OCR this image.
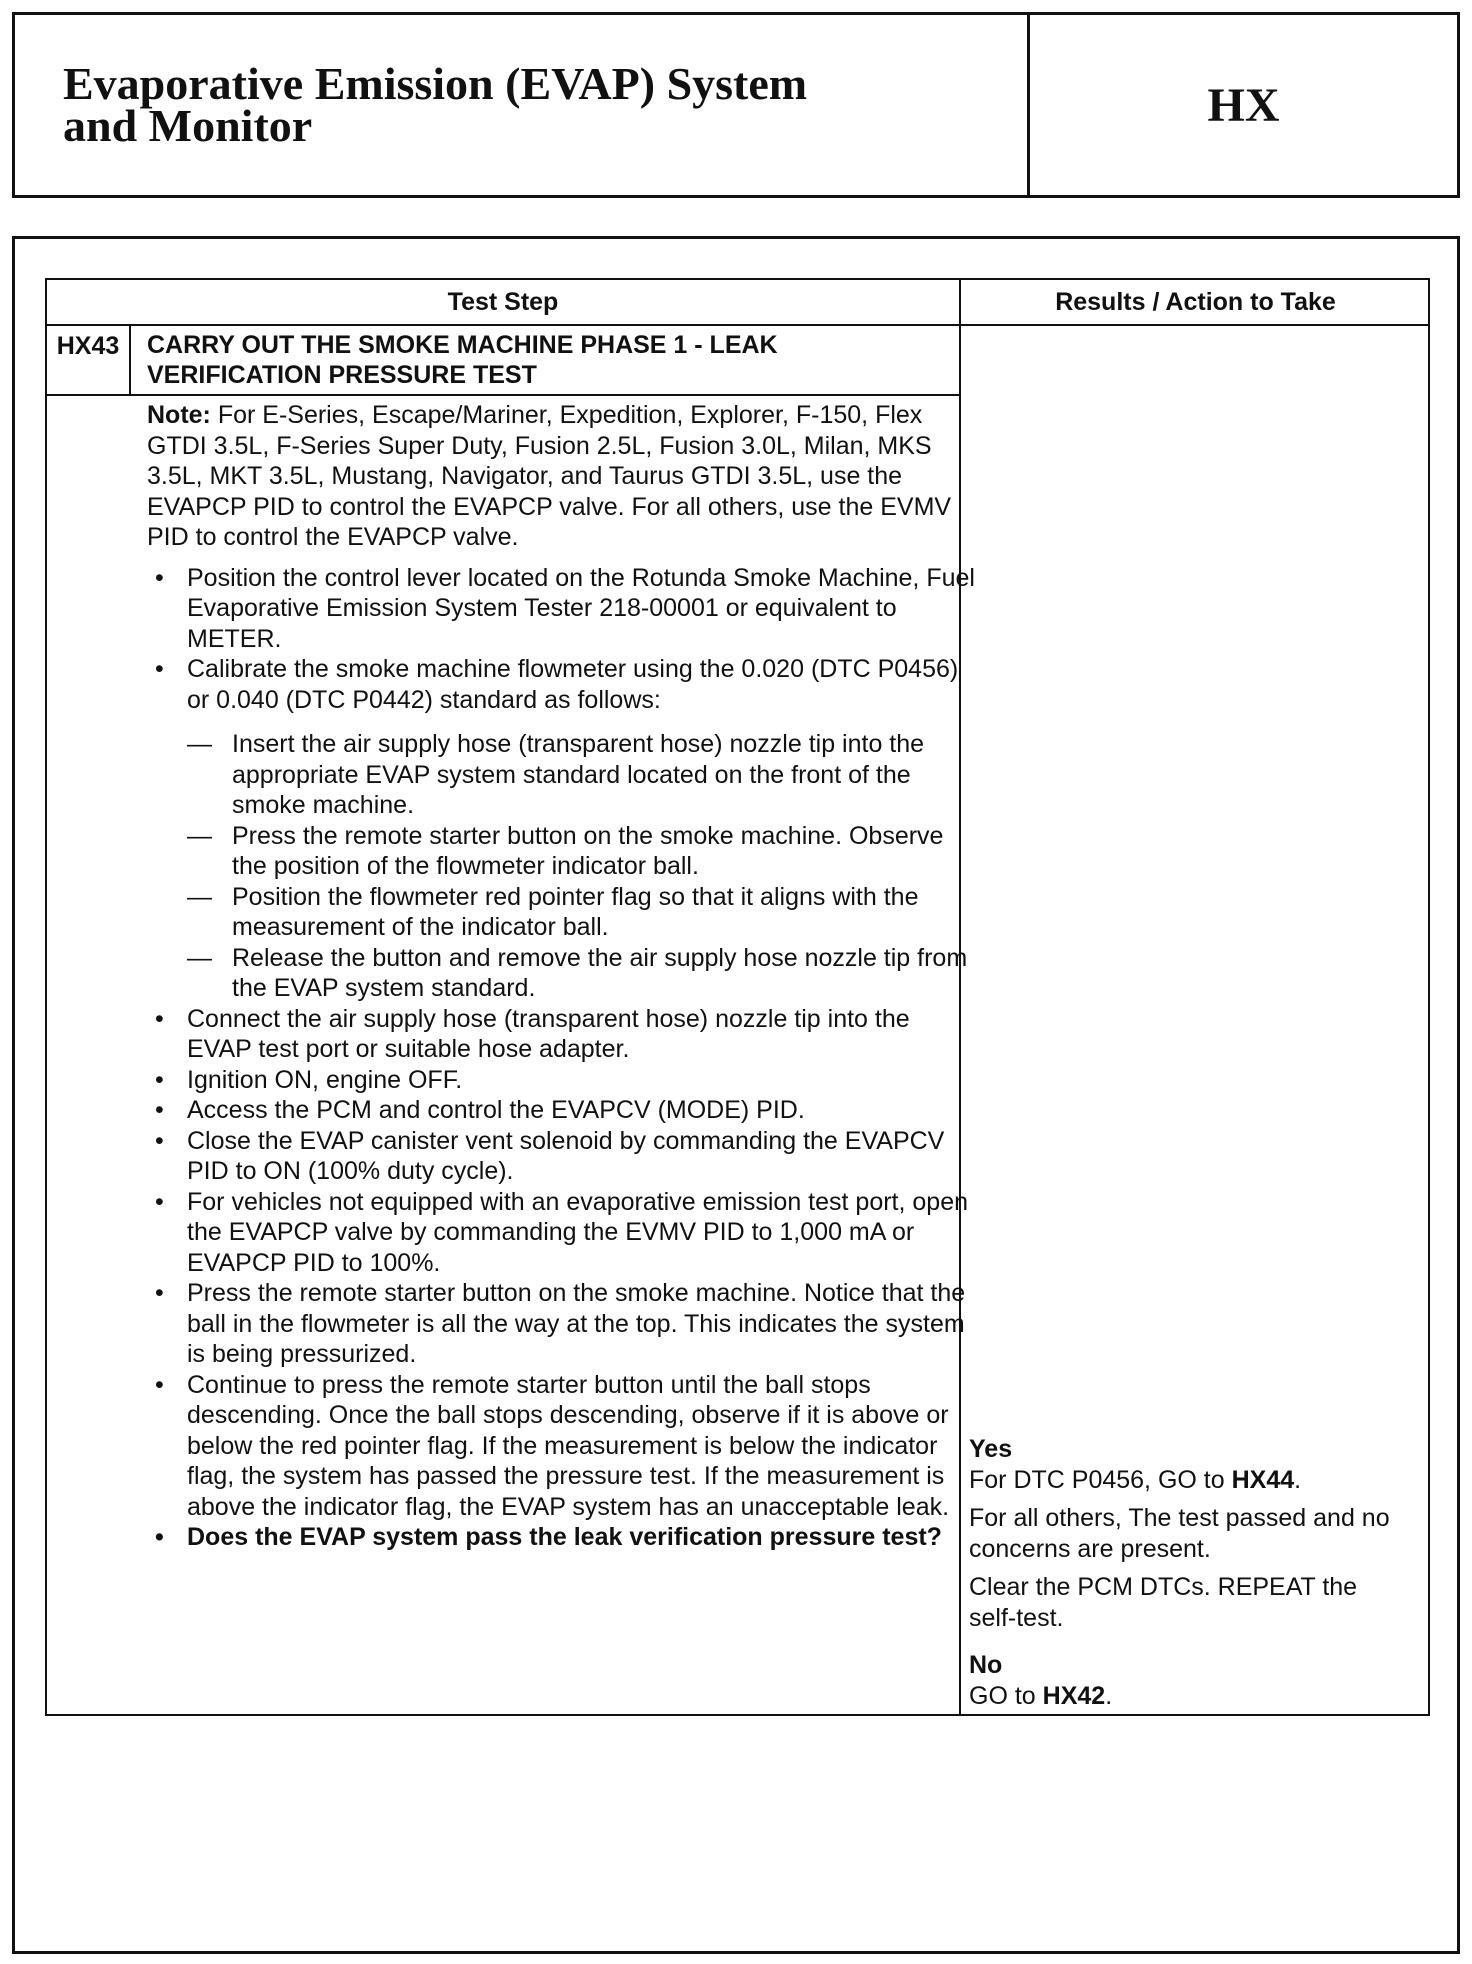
Evaporative Emission (EVAP) System
and Monitor	HX
Test Step	Results / Action to Take
HX43	CARRY OUT THE SMOKE MACHINE PHASE 1 - LEAK VERIFICATION PRESSURE TEST
Note: For E-Series, Escape/Mariner, Expedition, Explorer, F-150, Flex GTDI 3.5L, F-Series Super Duty, Fusion 2.5L, Fusion 3.0L, Milan, MKS 3.5L, MKT 3.5L, Mustang, Navigator, and Taurus GTDI 3.5L, use the EVAPCP PID to control the EVAPCP valve. For all others, use the EVMV PID to control the EVAPCP valve.
• Position the control lever located on the Rotunda Smoke Machine, Fuel Evaporative Emission System Tester 218-00001 or equivalent to METER.
• Calibrate the smoke machine flowmeter using the 0.020 (DTC P0456) or 0.040 (DTC P0442) standard as follows:
— Insert the air supply hose (transparent hose) nozzle tip into the appropriate EVAP system standard located on the front of the smoke machine.
— Press the remote starter button on the smoke machine. Observe the position of the flowmeter indicator ball.
— Position the flowmeter red pointer flag so that it aligns with the measurement of the indicator ball.
— Release the button and remove the air supply hose nozzle tip from the EVAP system standard.
• Connect the air supply hose (transparent hose) nozzle tip into the EVAP test port or suitable hose adapter.
• Ignition ON, engine OFF.
• Access the PCM and control the EVAPCV (MODE) PID.
• Close the EVAP canister vent solenoid by commanding the EVAPCV PID to ON (100% duty cycle).
• For vehicles not equipped with an evaporative emission test port, open the EVAPCP valve by commanding the EVMV PID to 1,000 mA or EVAPCP PID to 100%.
• Press the remote starter button on the smoke machine. Notice that the ball in the flowmeter is all the way at the top. This indicates the system is being pressurized.
• Continue to press the remote starter button until the ball stops descending. Once the ball stops descending, observe if it is above or below the red pointer flag. If the measurement is below the indicator flag, the system has passed the pressure test. If the measurement is above the indicator flag, the EVAP system has an unacceptable leak.
• Does the EVAP system pass the leak verification pressure test?
Yes
For DTC P0456, GO to HX44.
For all others, The test passed and no concerns are present.
Clear the PCM DTCs. REPEAT the self-test.
No
GO to HX42.
